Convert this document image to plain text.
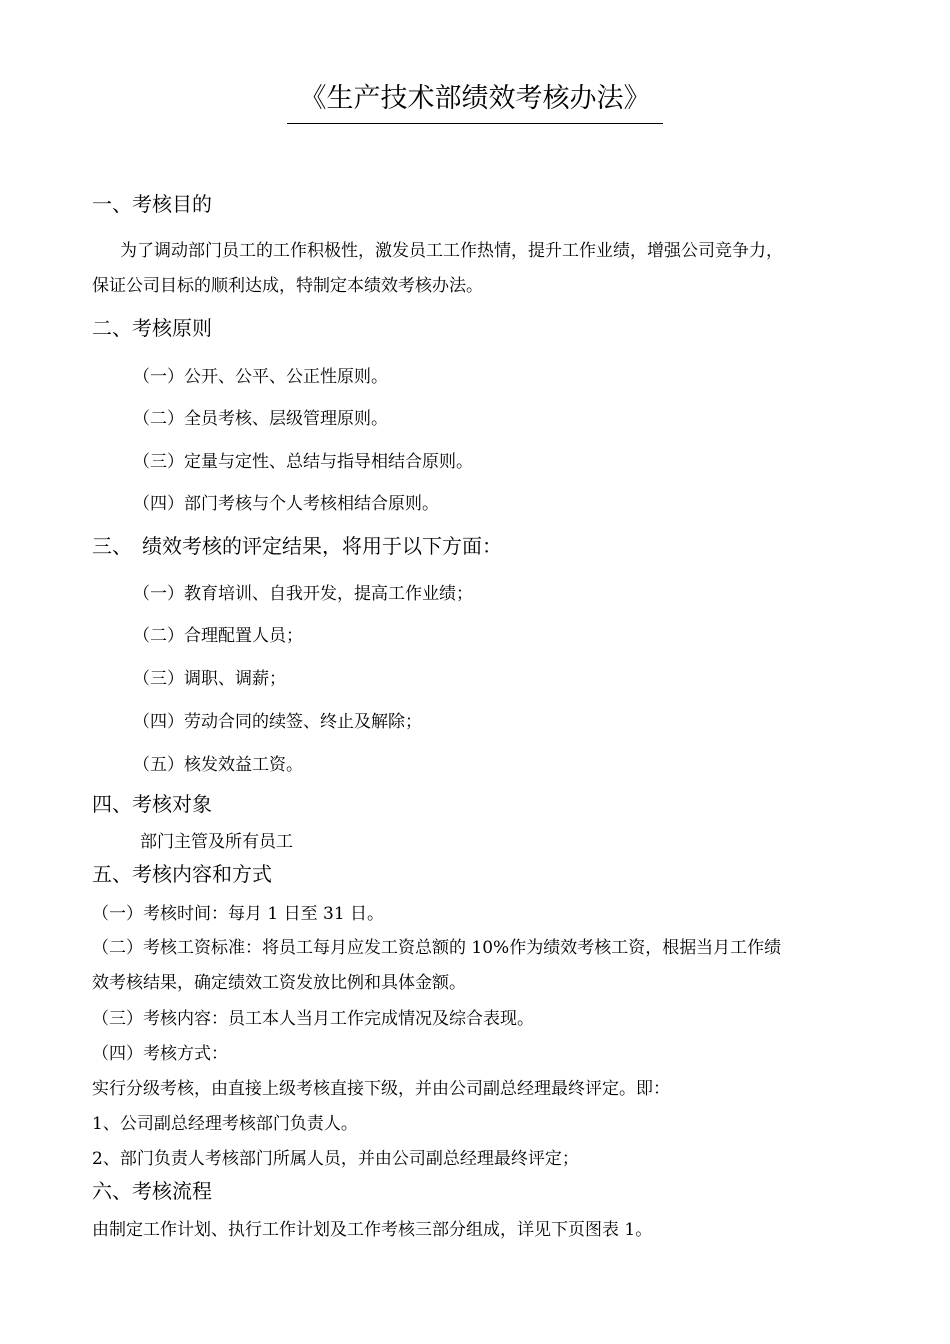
《生产技术部绩效考核办法》
一、考核目的
为了调动部门员工的工作积极性，激发员工工作热情，提升工作业绩，增强公司竞争力，
保证公司目标的顺利达成，特制定本绩效考核办法。
二、考核原则
（一）公开、公平、公正性原则。
（二）全员考核、层级管理原则。
（三）定量与定性、总结与指导相结合原则。
（四）部门考核与个人考核相结合原则。
三、　绩效考核的评定结果，将用于以下方面：
（一）教育培训、自我开发，提高工作业绩；
（二）合理配置人员；
（三）调职、调薪；
（四）劳动合同的续签、终止及解除；
（五）核发效益工资。
四、考核对象
部门主管及所有员工
五、考核内容和方式
（一）考核时间：每月 1 日至 31 日。
（二）考核工资标准：将员工每月应发工资总额的 10%作为绩效考核工资，根据当月工作绩
效考核结果，确定绩效工资发放比例和具体金额。
（三）考核内容：员工本人当月工作完成情况及综合表现。
（四）考核方式：
实行分级考核，由直接上级考核直接下级，并由公司副总经理最终评定。即：
1、公司副总经理考核部门负责人。
2、部门负责人考核部门所属人员，并由公司副总经理最终评定；
六、考核流程
由制定工作计划、执行工作计划及工作考核三部分组成，详见下页图表 1。
